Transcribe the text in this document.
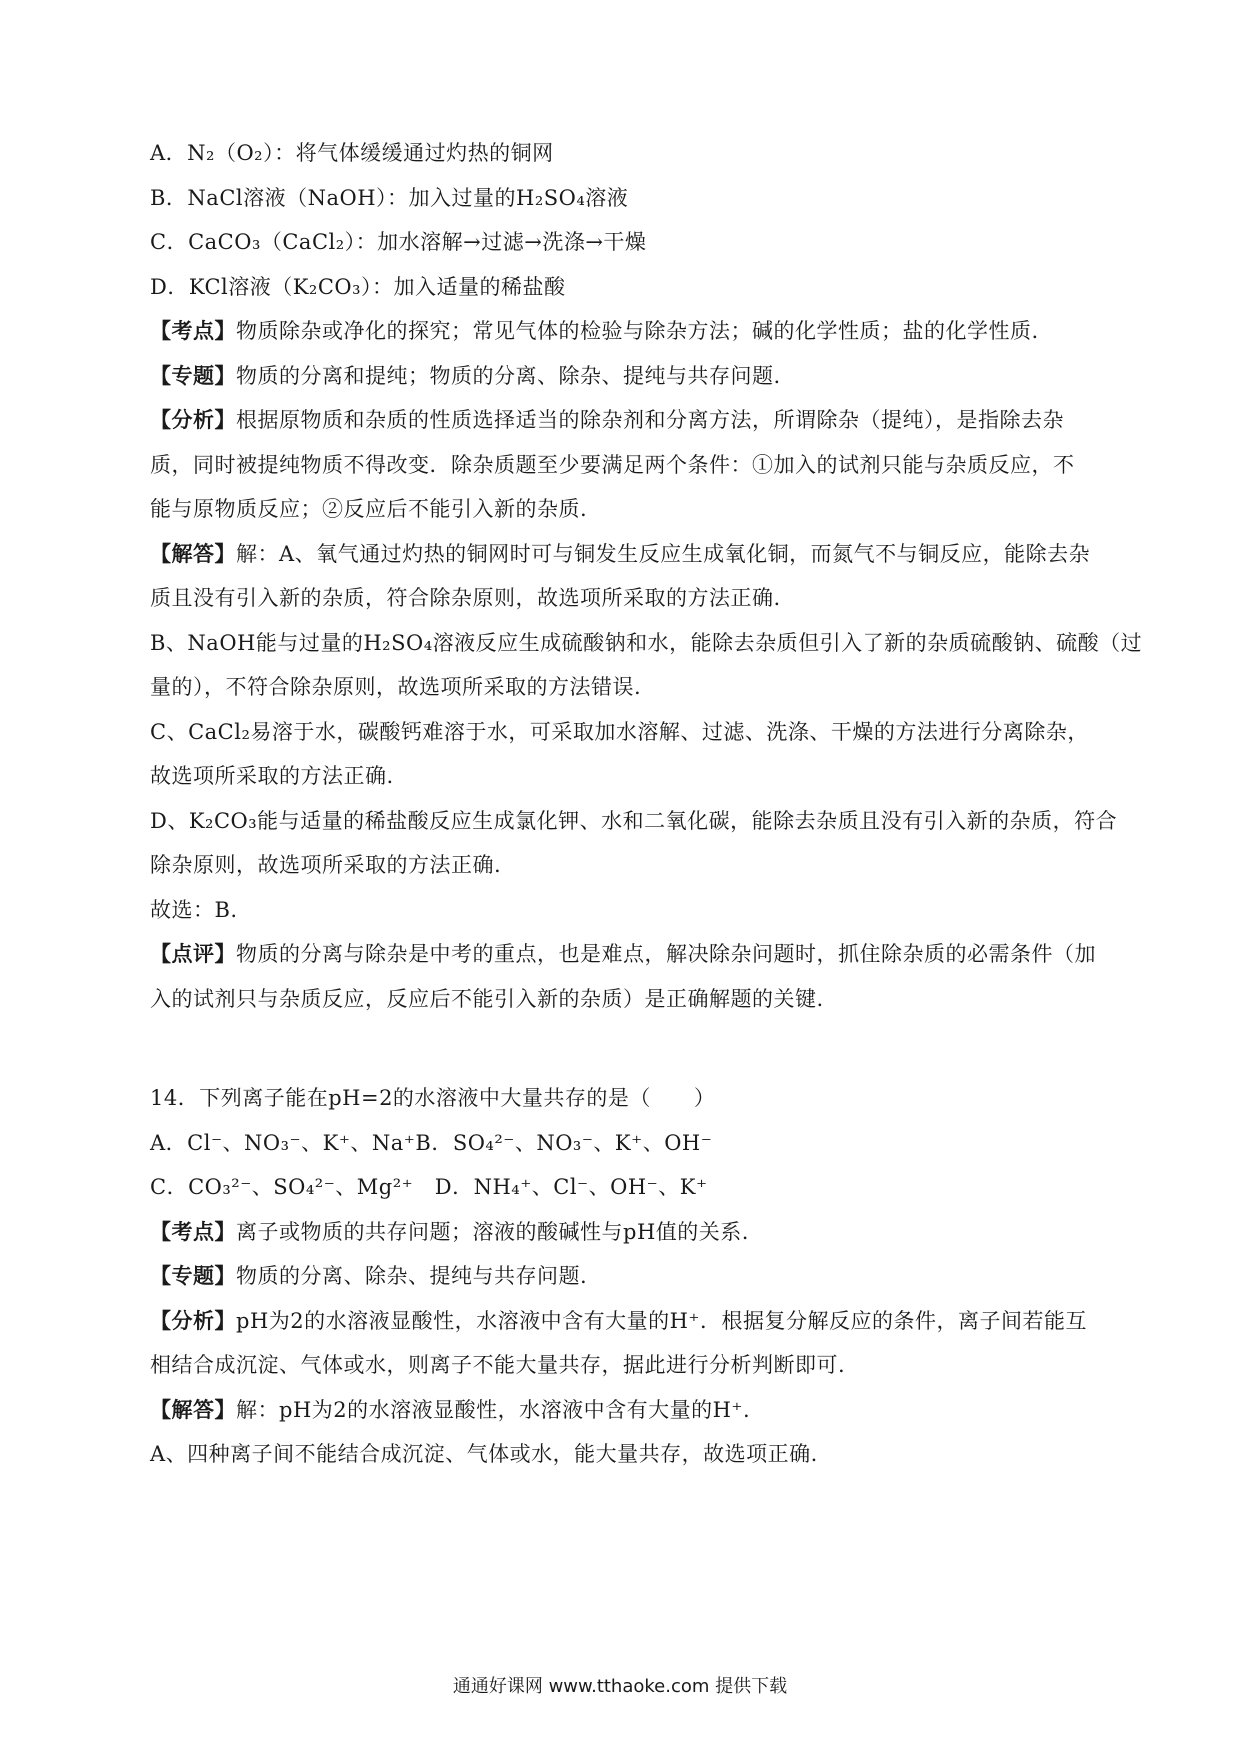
A．N₂（O₂）：将气体缓缓通过灼热的铜网
B．NaCl溶液（NaOH）：加入过量的H₂SO₄溶液
C．CaCO₃（CaCl₂）：加水溶解→过滤→洗涤→干燥
D．KCl溶液（K₂CO₃）：加入适量的稀盐酸
【考点】物质除杂或净化的探究；常见气体的检验与除杂方法；碱的化学性质；盐的化学性质.
【专题】物质的分离和提纯；物质的分离、除杂、提纯与共存问题.
【分析】根据原物质和杂质的性质选择适当的除杂剂和分离方法，所谓除杂（提纯），是指除去杂
质，同时被提纯物质不得改变．除杂质题至少要满足两个条件：①加入的试剂只能与杂质反应，不
能与原物质反应；②反应后不能引入新的杂质.
【解答】解：A、氧气通过灼热的铜网时可与铜发生反应生成氧化铜，而氮气不与铜反应，能除去杂
质且没有引入新的杂质，符合除杂原则，故选项所采取的方法正确.
B、NaOH能与过量的H₂SO₄溶液反应生成硫酸钠和水，能除去杂质但引入了新的杂质硫酸钠、硫酸（过
量的），不符合除杂原则，故选项所采取的方法错误.
C、CaCl₂易溶于水，碳酸钙难溶于水，可采取加水溶解、过滤、洗涤、干燥的方法进行分离除杂，
故选项所采取的方法正确.
D、K₂CO₃能与适量的稀盐酸反应生成氯化钾、水和二氧化碳，能除去杂质且没有引入新的杂质，符合
除杂原则，故选项所采取的方法正确.
故选：B.
【点评】物质的分离与除杂是中考的重点，也是难点，解决除杂问题时，抓住除杂质的必需条件（加
入的试剂只与杂质反应，反应后不能引入新的杂质）是正确解题的关键.
14．下列离子能在pH=2的水溶液中大量共存的是（　　）
A．Cl⁻、NO₃⁻、K⁺、Na⁺B．SO₄²⁻、NO₃⁻、K⁺、OH⁻
C．CO₃²⁻、SO₄²⁻、Mg²⁺　D．NH₄⁺、Cl⁻、OH⁻、K⁺
【考点】离子或物质的共存问题；溶液的酸碱性与pH值的关系.
【专题】物质的分离、除杂、提纯与共存问题.
【分析】pH为2的水溶液显酸性，水溶液中含有大量的H⁺．根据复分解反应的条件，离子间若能互
相结合成沉淀、气体或水，则离子不能大量共存，据此进行分析判断即可.
【解答】解：pH为2的水溶液显酸性，水溶液中含有大量的H⁺.
A、四种离子间不能结合成沉淀、气体或水，能大量共存，故选项正确.
通通好课网 www.tthaoke.com 提供下载
